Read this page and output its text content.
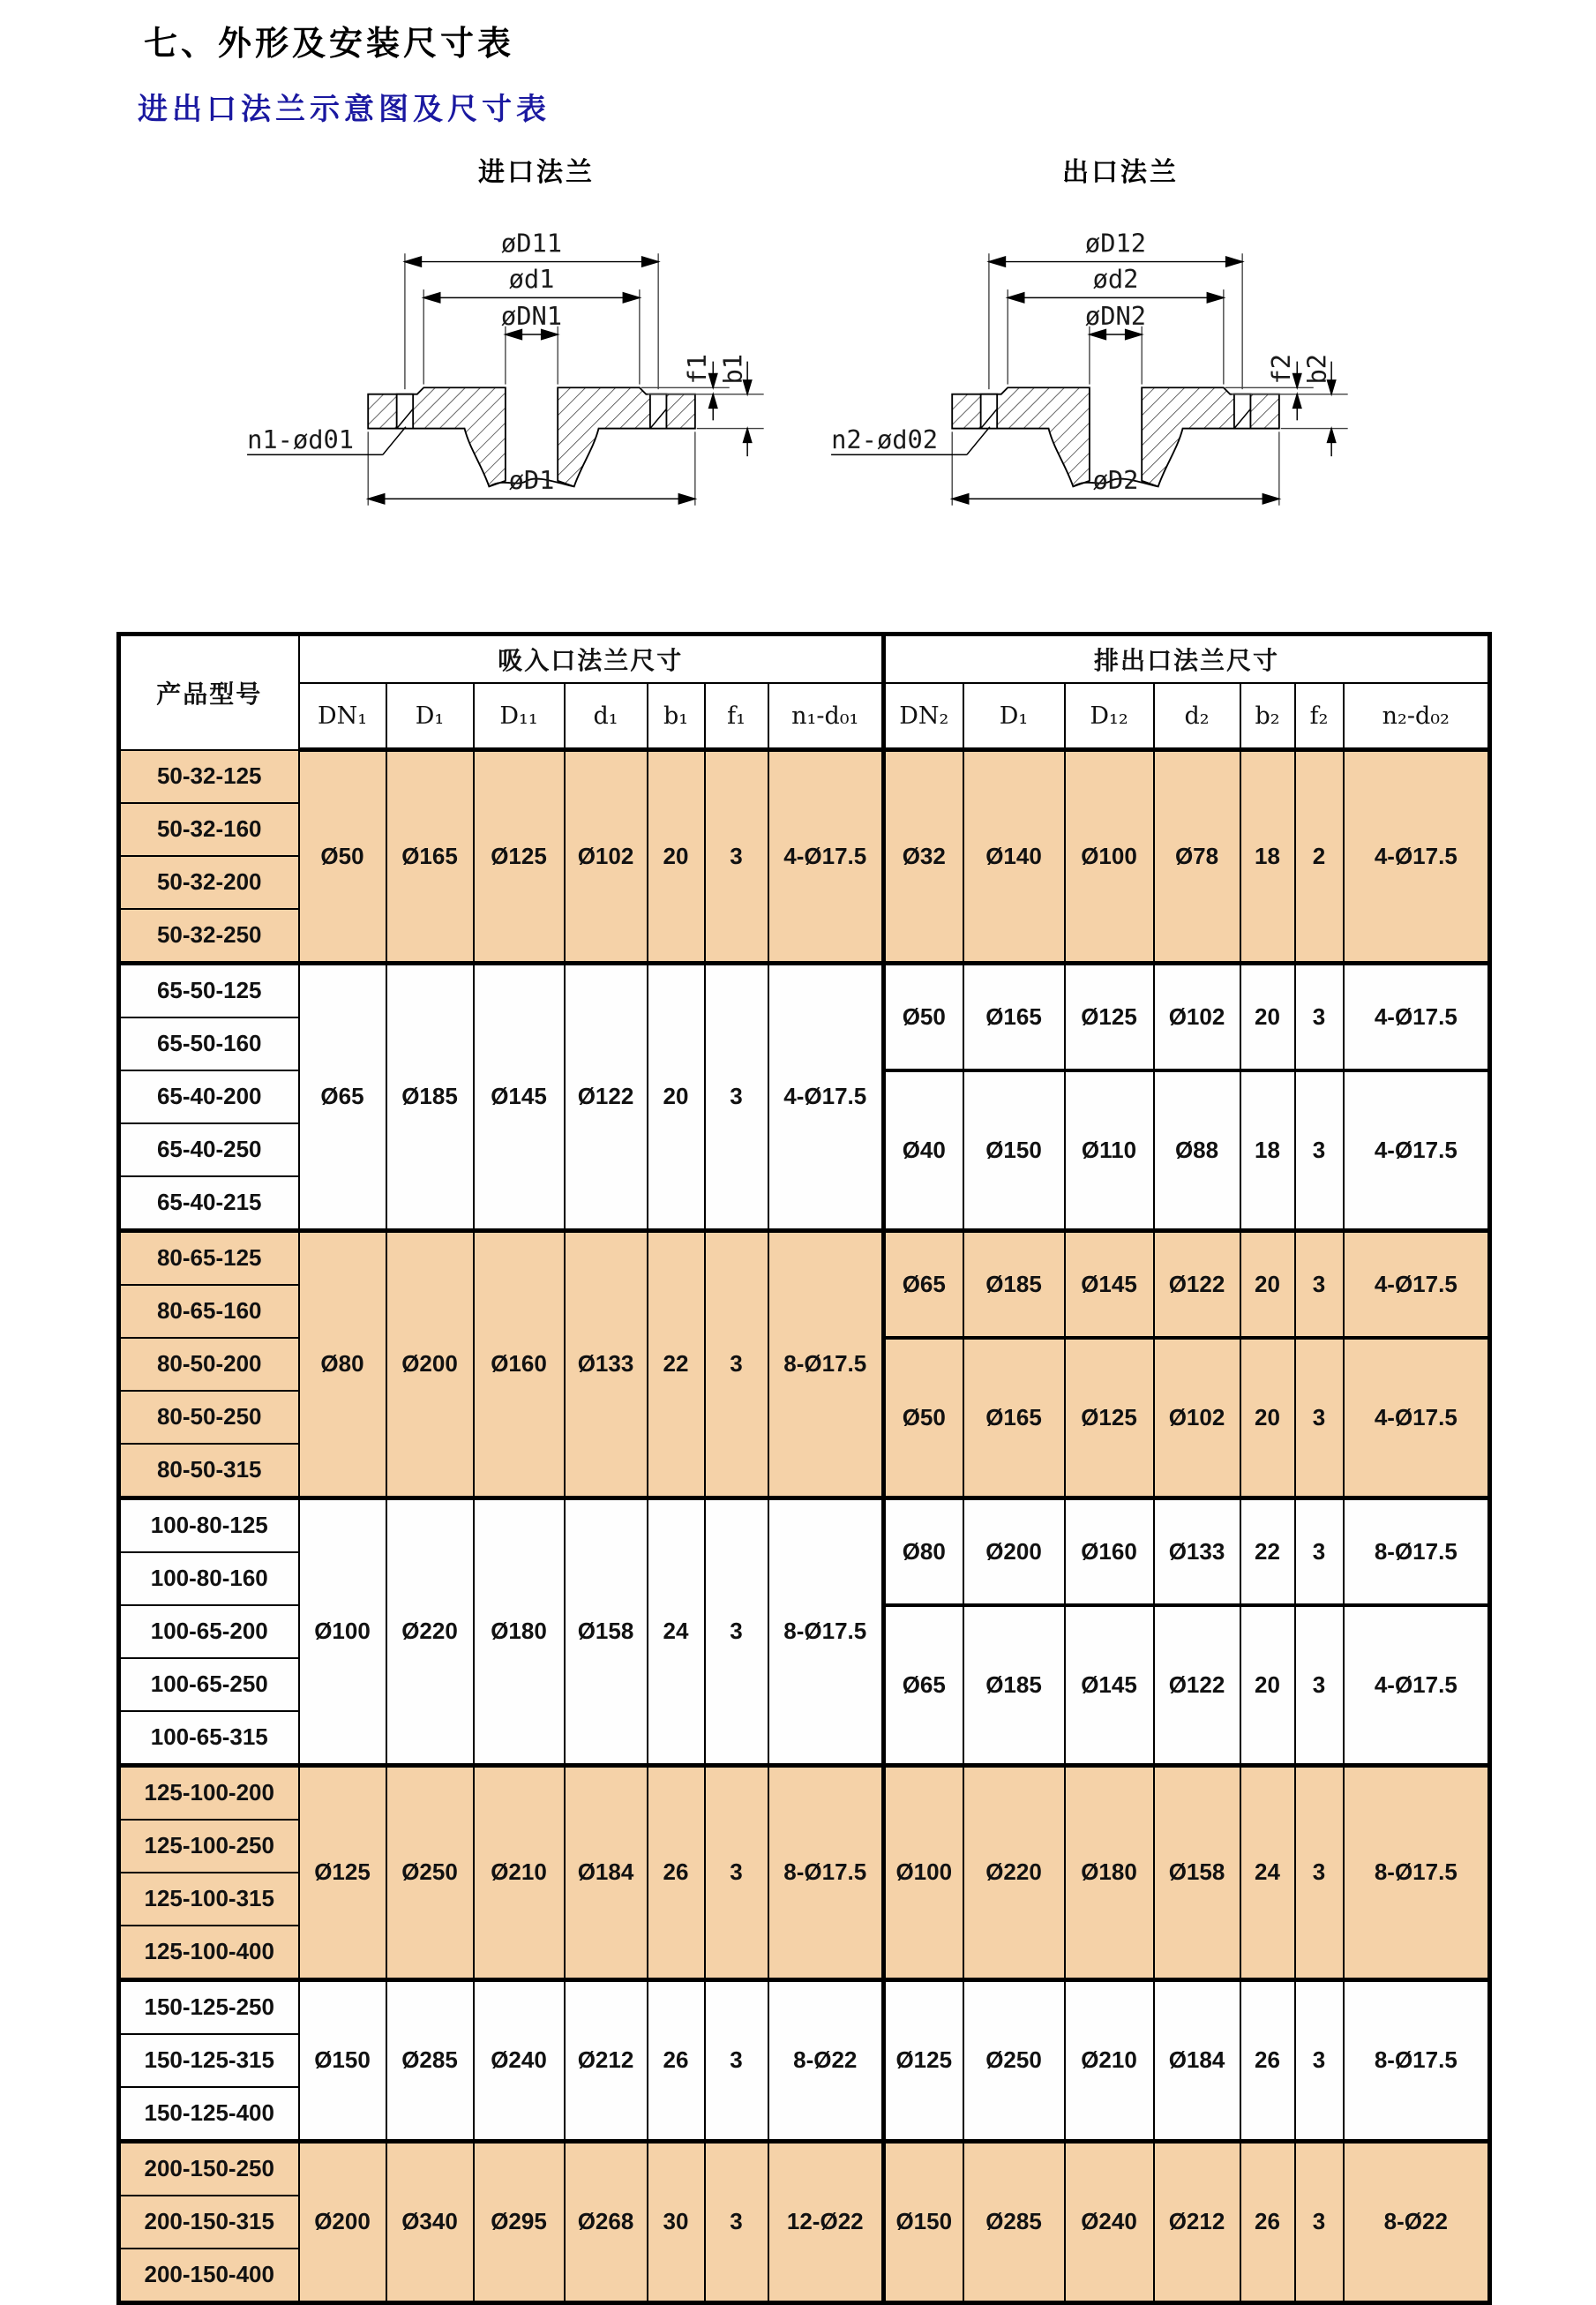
七、外形及安装尺寸表
进出口法兰示意图及尺寸表
进口法兰
øD11
ød1
øDN1
øD1
f1 b1
n1-ød01
出口法兰
øD12
ød2
øDN2
øD2
f2 b2
n2-ød02
产品型号	吸入口法兰尺寸							排出口法兰尺寸						
	DN₁	D₁	D₁₁	d₁	b₁	f₁	n₁-d₀₁	DN₂	D₁	D₁₂	d₂	b₂	f₂	n₂-d₀₂
50-32-125	Ø50	Ø165	Ø125	Ø102	20	3	4-Ø17.5	Ø32	Ø140	Ø100	Ø78	18	2	4-Ø17.5
50-32-160														
50-32-200														
50-32-250														
65-50-125	Ø65	Ø185	Ø145	Ø122	20	3	4-Ø17.5	Ø50	Ø165	Ø125	Ø102	20	3	4-Ø17.5
65-50-160														
65-40-200								Ø40	Ø150	Ø110	Ø88	18	3	4-Ø17.5
65-40-250														
65-40-215														
80-65-125	Ø80	Ø200	Ø160	Ø133	22	3	8-Ø17.5	Ø65	Ø185	Ø145	Ø122	20	3	4-Ø17.5
80-65-160														
80-50-200								Ø50	Ø165	Ø125	Ø102	20	3	4-Ø17.5
80-50-250														
80-50-315														
100-80-125	Ø100	Ø220	Ø180	Ø158	24	3	8-Ø17.5	Ø80	Ø200	Ø160	Ø133	22	3	8-Ø17.5
100-80-160														
100-65-200								Ø65	Ø185	Ø145	Ø122	20	3	4-Ø17.5
100-65-250														
100-65-315														
125-100-200	Ø125	Ø250	Ø210	Ø184	26	3	8-Ø17.5	Ø100	Ø220	Ø180	Ø158	24	3	8-Ø17.5
125-100-250														
125-100-315														
125-100-400														
150-125-250	Ø150	Ø285	Ø240	Ø212	26	3	8-Ø22	Ø125	Ø250	Ø210	Ø184	26	3	8-Ø17.5
150-125-315														
150-125-400														
200-150-250	Ø200	Ø340	Ø295	Ø268	30	3	12-Ø22	Ø150	Ø285	Ø240	Ø212	26	3	8-Ø22
200-150-315														
200-150-400														
